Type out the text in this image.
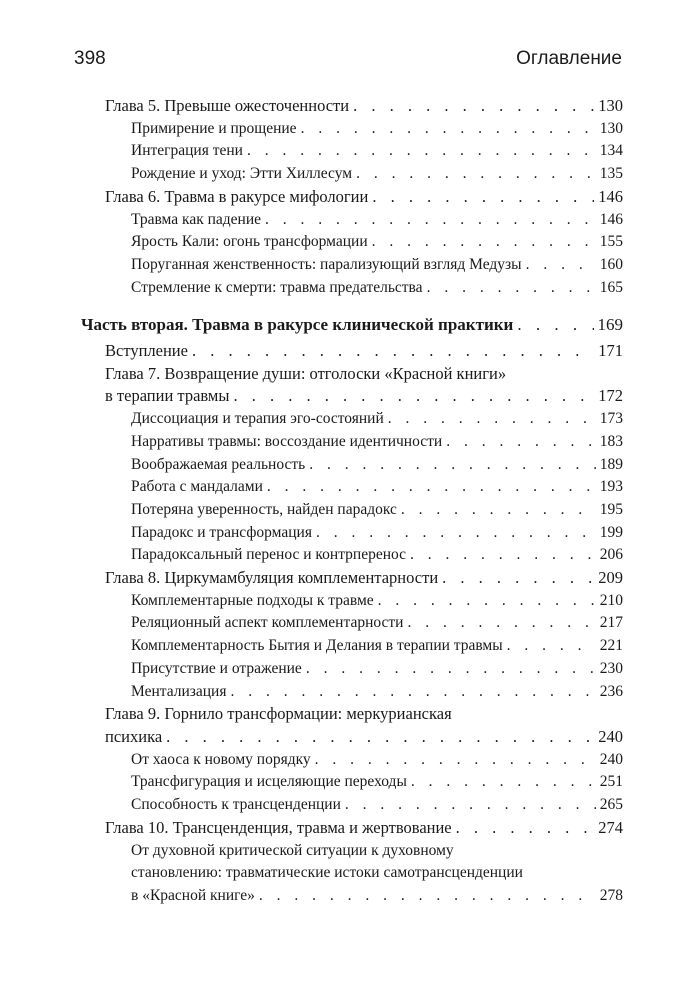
398	Оглавление
Глава 5. Превыше ожесточенности . . .	130
Примирение и прощение . . .	130
Интеграция тени . . .	134
Рождение и уход: Этти Хиллесум . . .	135
Глава 6. Травма в ракурсе мифологии . . .	146
Травма как падение . . .	146
Ярость Кали: огонь трансформации . . .	155
Поруганная женственность: парализующий взгляд Медузы . . .	160
Стремление к смерти: травма предательства . . .	165
Часть вторая. Травма в ракурсе клинической практики . . .	169
Вступление . . .	171
Глава 7. Возвращение души: отголоски «Красной книги»
в терапии травмы . . .	172
Диссоциация и терапия эго-состояний . . .	173
Нарративы травмы: воссоздание идентичности . . .	183
Воображаемая реальность . . .	189
Работа с мандалами . . .	193
Потеряна уверенность, найден парадокс . . .	195
Парадокс и трансформация . . .	199
Парадоксальный перенос и контрперенос . . .	206
Глава 8. Циркумамбуляция комплементарности . . .	209
Комплементарные подходы к травме . . .	210
Реляционный аспект комплементарности . . .	217
Комплементарность Бытия и Делания в терапии травмы . . .	221
Присутствие и отражение . . .	230
Ментализация . . .	236
Глава 9. Горнило трансформации: меркурианская
психика . . .	240
От хаоса к новому порядку . . .	240
Трансфигурация и исцеляющие переходы . . .	251
Способность к трансценденции . . .	265
Глава 10. Трансценденция, травма и жертвование . . .	274
От духовной критической ситуации к духовному
становлению: травматические истоки самотрансценденции
в «Красной книге» . . .	278
